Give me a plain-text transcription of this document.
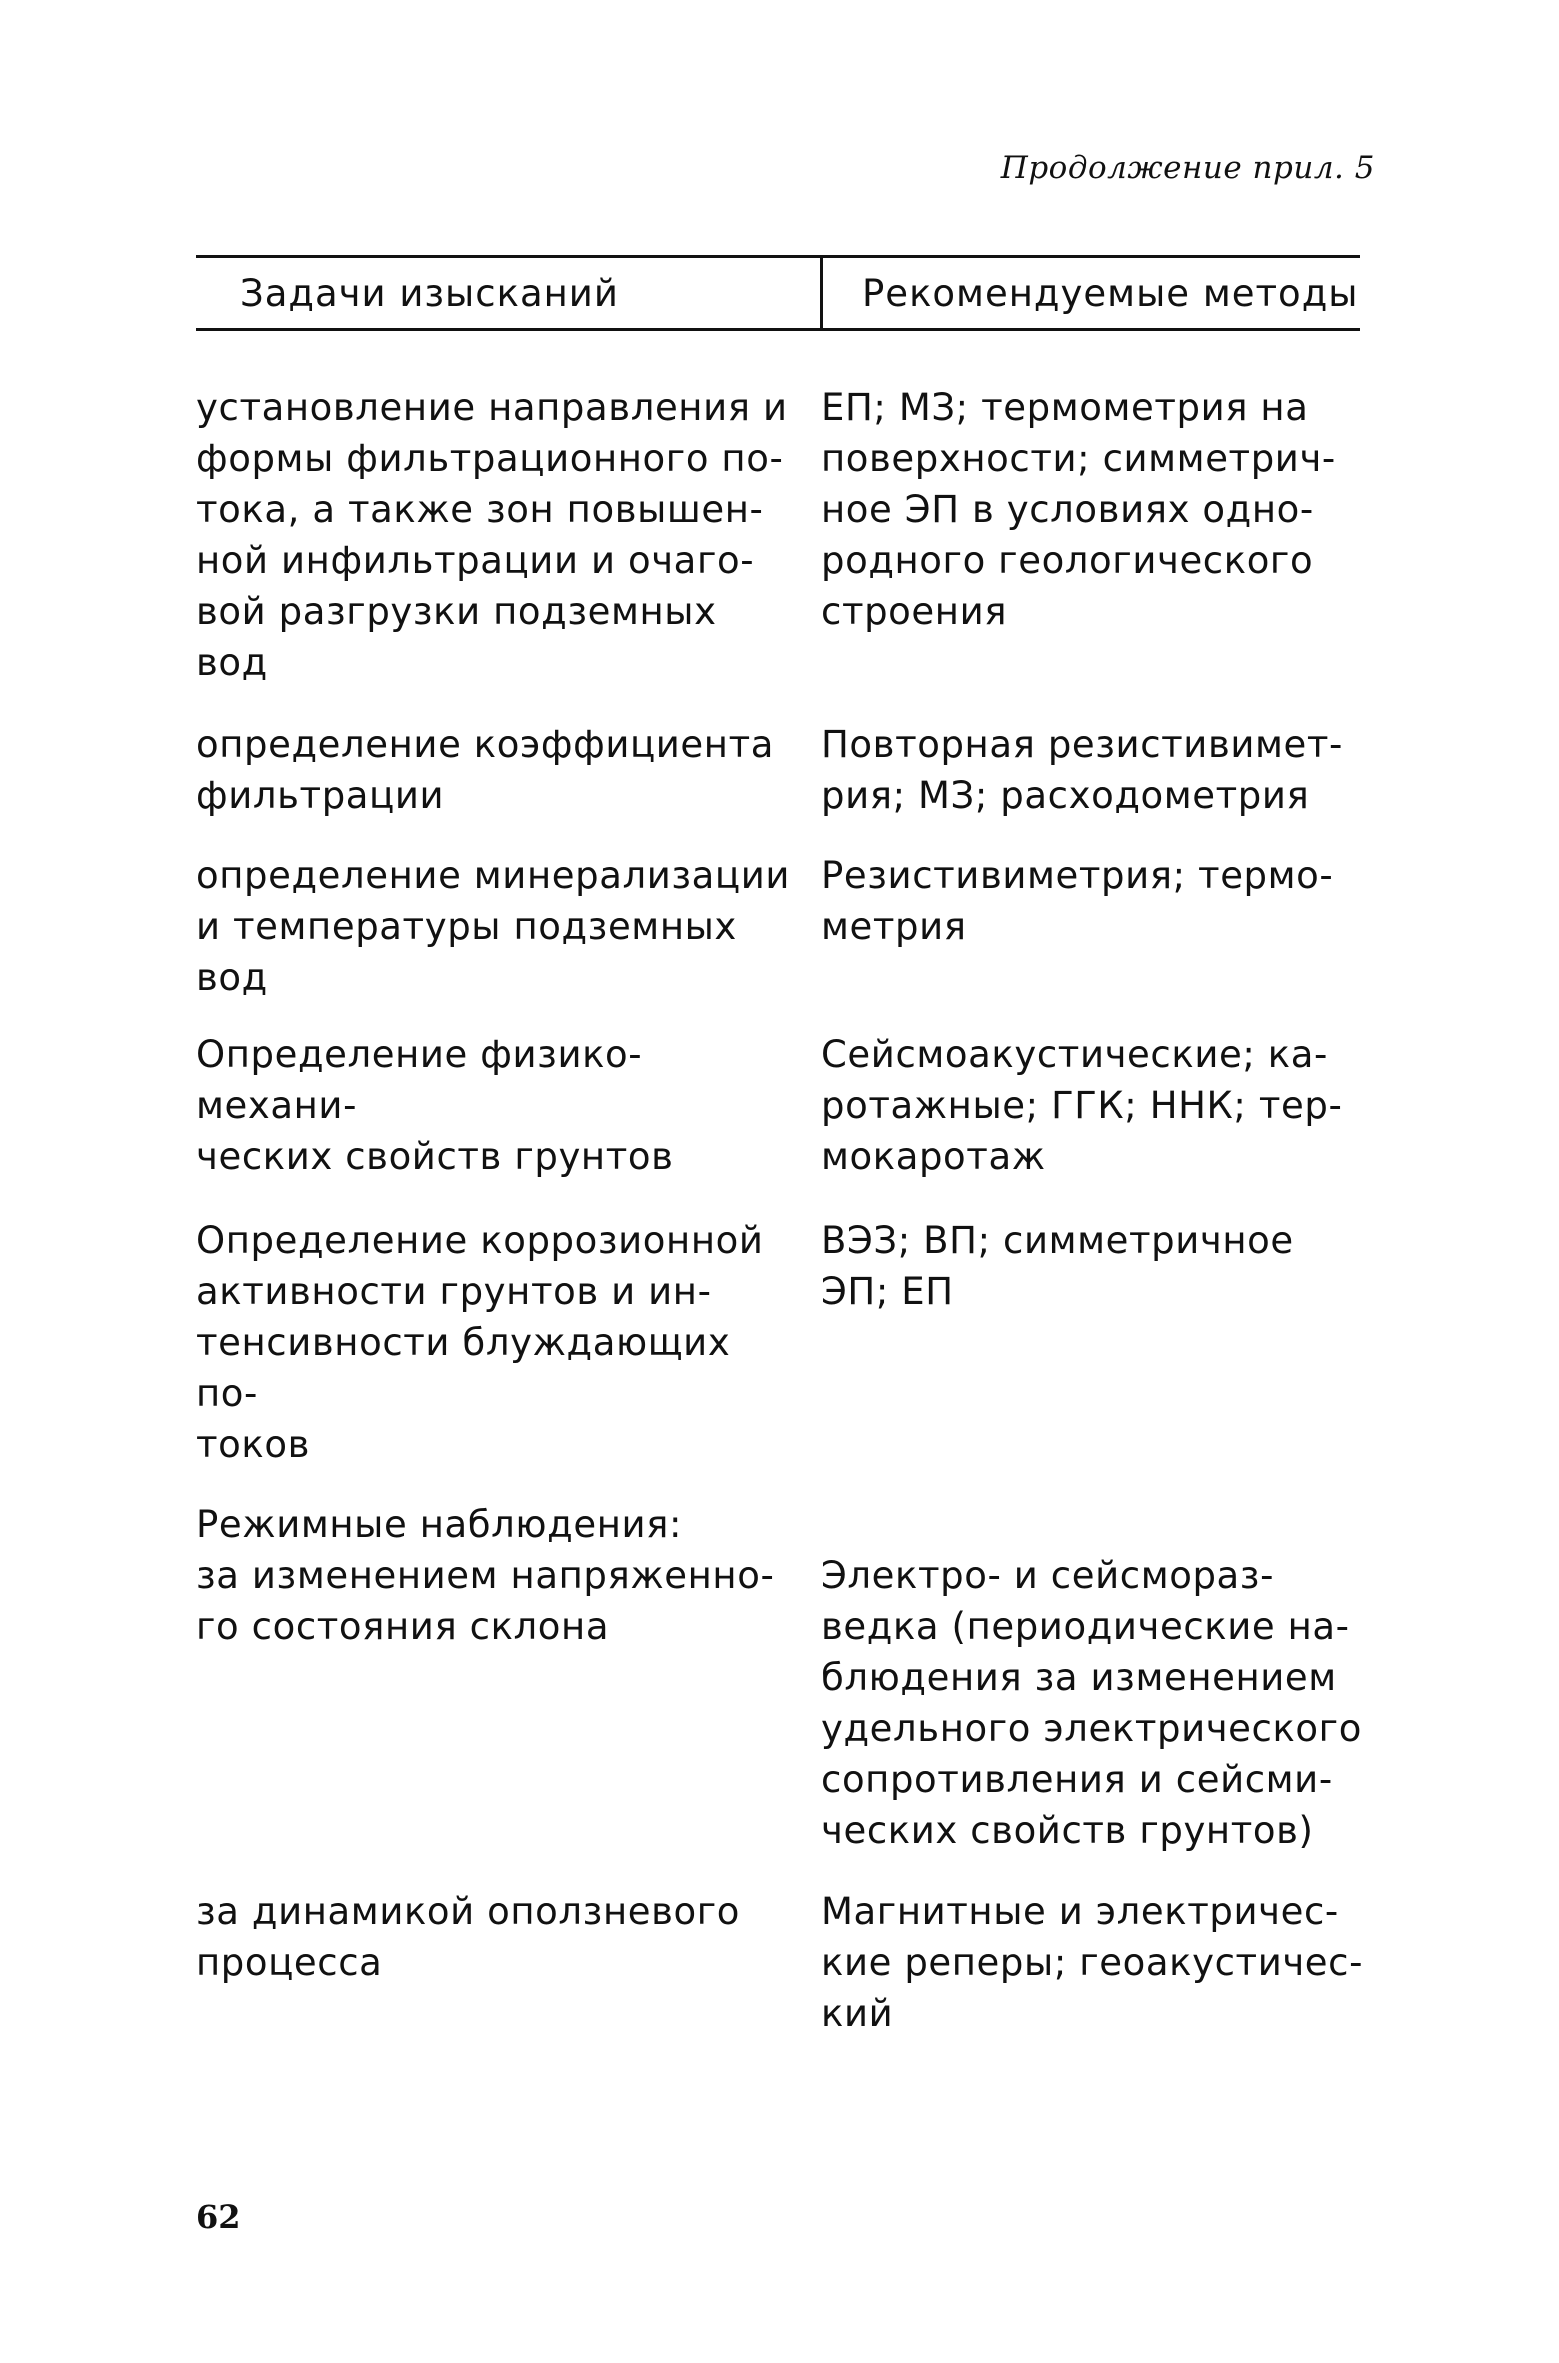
Продолжение прил. 5
Задачи изысканий	Рекомендуемые методы
установление направления и
формы фильтрационного по-
тока, а также зон повышен-
ной инфильтрации и очаго-
вой разгрузки подземных
вод
ЕП; МЗ; термометрия на
поверхности; симметрич-
ное ЭП в условиях одно-
родного геологического
строения
определение коэффициента
фильтрации
Повторная резистивимет-
рия; МЗ; расходометрия
определение минерализации
и температуры подземных
вод
Резистивиметрия; термо-
метрия
Определение физико-механи-
ческих свойств грунтов
Сейсмоакустические; ка-
ротажные; ГГК; ННК; тер-
мокаротаж
Определение коррозионной
активности грунтов и ин-
тенсивности блуждающих по-
токов
ВЭЗ; ВП; симметричное
ЭП; ЕП
Режимные наблюдения:
за изменением напряженно-
го состояния склона
Электро- и сейсмораз-
ведка (периодические на-
блюдения за изменением
удельного электрического
сопротивления и сейсми-
ческих свойств грунтов)
за динамикой оползневого
процесса
Магнитные и электричес-
кие реперы; геоакустичес-
кий
62
